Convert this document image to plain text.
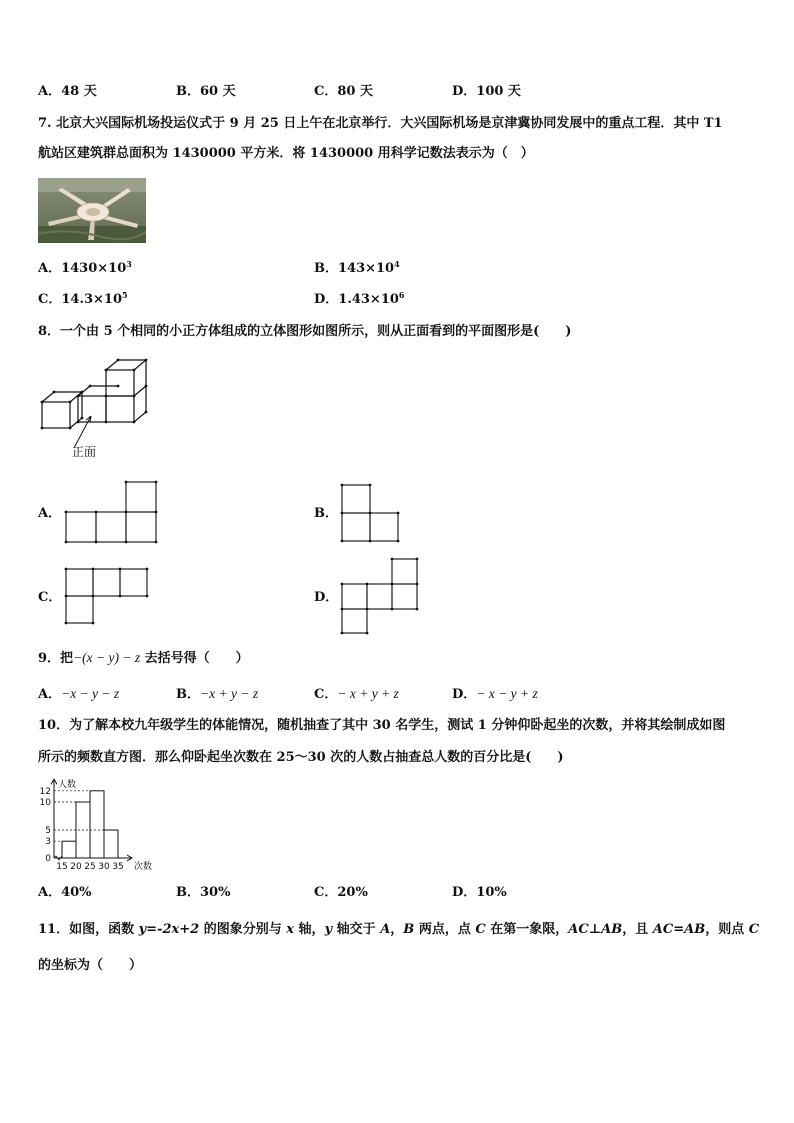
A．48 天	B．60 天	C．80 天	D．100 天
7. 北京大兴国际机场投运仪式于 9 月 25 日上午在北京举行．大兴国际机场是京津冀协同发展中的重点工程．其中 T1
航站区建筑群总面积为 1430000 平方米．将 1430000 用科学记数法表示为（　）
A．$1430\times 10^3$	B．$143\times 10^4$
C．$14.3\times 10^5$	D．$1.43\times 10^6$
8．一个由 5 个相同的小正方体组成的立体图形如图所示，则从正面看到的平面图形是(　　)
正面
A．	B．
C．	D．
9．把−(x − y) − z 去括号得（　　）
A．−x − y − z	B．−x + y − z	C．− x + y + z	D．− x − y + z
10．为了解本校九年级学生的体能情况，随机抽查了其中 30 名学生，测试 1 分钟仰卧起坐的次数，并将其绘制成如图
所示的频数直方图．那么仰卧起坐次数在 25～30 次的人数占抽查总人数的百分比是(　　)
0
3
5
10
12
15 20 25 30 35
人数
次数
A．40%	B．30%	C．20%	D．10%
11．如图，函数 y=-2x+2 的图象分别与 x 轴，y 轴交于 A，B 两点，点 C 在第一象限，AC⊥AB，且 AC=AB，则点 C
的坐标为（　　）
